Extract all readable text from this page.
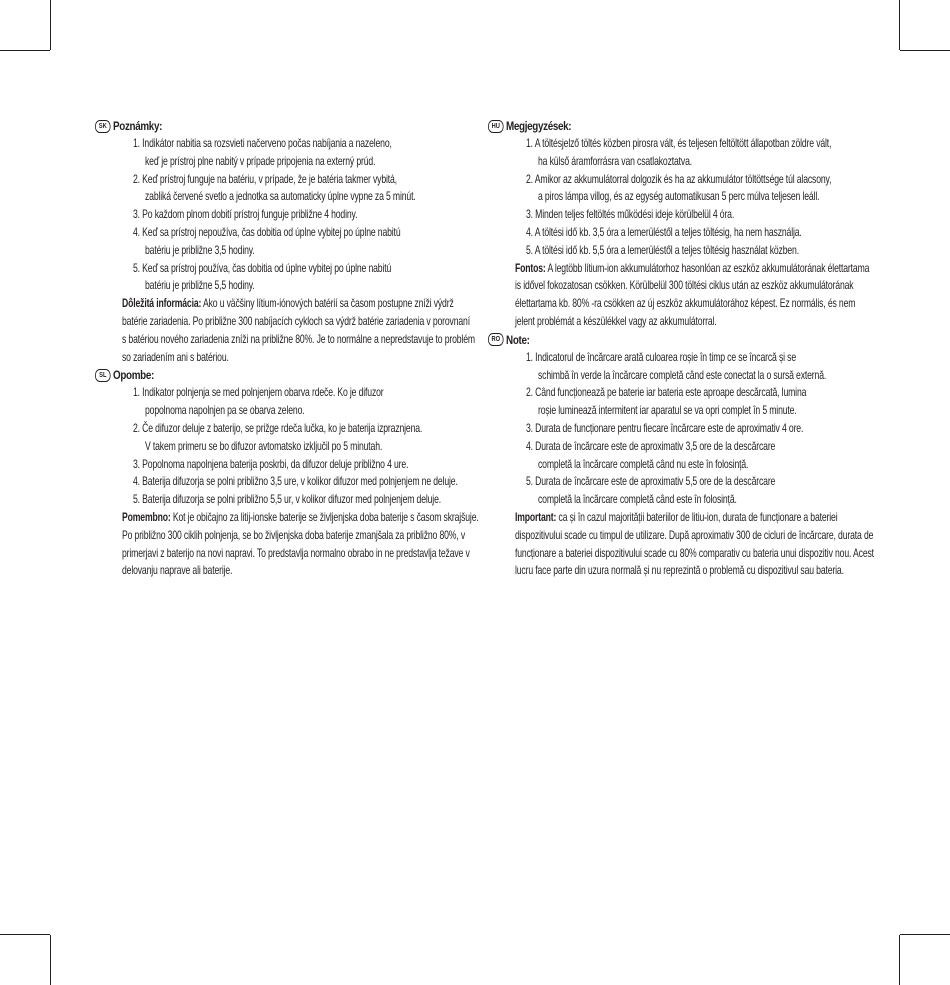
SK Poznámky:
1. Indikátor nabitia sa rozsvieti načerveno počas nabíjania a nazeleno,
keď je prístroj plne nabitý v prípade pripojenia na externý prúd.
2. Keď prístroj funguje na batériu, v prípade, že je batéria takmer vybitá,
zabliká červené svetlo a jednotka sa automaticky úplne vypne za 5 minút.
3. Po každom plnom dobití prístroj funguje približne 4 hodiny.
4. Keď sa prístroj nepoužíva, čas dobitia od úplne vybitej po úplne nabitú
batériu je približne 3,5 hodiny.
5. Keď sa prístroj používa, čas dobitia od úplne vybitej po úplne nabitú
batériu je približne 5,5 hodiny.
Dôležitá informácia: Ako u väčšiny lítium-iónových batérií sa časom postupne zníži výdrž
batérie zariadenia. Po približne 300 nabíjacích cykloch sa výdrž batérie zariadenia v porovnaní
s batériou nového zariadenia zníži na približne 80%. Je to normálne a nepredstavuje to problém
so zariadením ani s batériou.
SL Opombe:
1. Indikator polnjenja se med polnjenjem obarva rdeče. Ko je difuzor
popolnoma napolnjen pa se obarva zeleno.
2. Če difuzor deluje z baterijo, se prižge rdeča lučka, ko je baterija izpraznjena.
V takem primeru se bo difuzor avtomatsko izključil po 5 minutah.
3. Popolnoma napolnjena baterija poskrbi, da difuzor deluje približno 4 ure.
4. Baterija difuzorja se polni približno 3,5 ure, v kolikor difuzor med polnjenjem ne deluje.
5. Baterija difuzorja se polni približno 5,5 ur, v kolikor difuzor med polnjenjem deluje.
Pomembno: Kot je običajno za litij-ionske baterije se življenjska doba baterije s časom skrajšuje.
Po približno 300 ciklih polnjenja, se bo življenjska doba baterije zmanjšala za približno 80%, v
primerjavi z baterijo na novi napravi. To predstavlja normalno obrabo in ne predstavlja težave v
delovanju naprave ali baterije.
HU Megjegyzések:
1. A töltésjelző töltés közben pirosra vált, és teljesen feltöltött állapotban zöldre vált,
ha külső áramforrásra van csatlakoztatva.
2. Amikor az akkumulátorral dolgozik és ha az akkumulátor töltöttsége túl alacsony,
a piros lámpa villog, és az egység automatikusan 5 perc múlva teljesen leáll.
3. Minden teljes feltöltés működési ideje körülbelül 4 óra.
4. A töltési idő kb. 3,5 óra a lemerüléstől a teljes töltésig, ha nem használja.
5. A töltési idő kb. 5,5 óra a lemerüléstől a teljes töltésig használat közben.
Fontos: A legtöbb lítium-ion akkumulátorhoz hasonlóan az eszköz akkumulátorának élettartama
is idővel fokozatosan csökken. Körülbelül 300 töltési ciklus után az eszköz akkumulátorának
élettartama kb. 80% -ra csökken az új eszköz akkumulátorához képest. Ez normális, és nem
jelent problémát a készülékkel vagy az akkumulátorral.
RO Note:
1. Indicatorul de încărcare arată culoarea roșie în timp ce se încarcă și se
schimbă în verde la încărcare completă când este conectat la o sursă externă.
2. Când funcționează pe baterie iar bateria este aproape descărcată, lumina
roșie luminează intermitent iar aparatul se va opri complet în 5 minute.
3. Durata de funcționare pentru fiecare încărcare este de aproximativ 4 ore.
4. Durata de încărcare este de aproximativ 3,5 ore de la descărcare
completă la încărcare completă când nu este în folosință.
5. Durata de încărcare este de aproximativ 5,5 ore de la descărcare
completă la încărcare completă când este în folosință.
Important: ca și în cazul majorității bateriilor de litiu-ion, durata de funcționare a bateriei
dispozitivului scade cu timpul de utilizare. După aproximativ 300 de cicluri de încărcare, durata de
funcționare a bateriei dispozitivului scade cu 80% comparativ cu bateria unui dispozitiv nou. Acest
lucru face parte din uzura normală și nu reprezintă o problemă cu dispozitivul sau bateria.
